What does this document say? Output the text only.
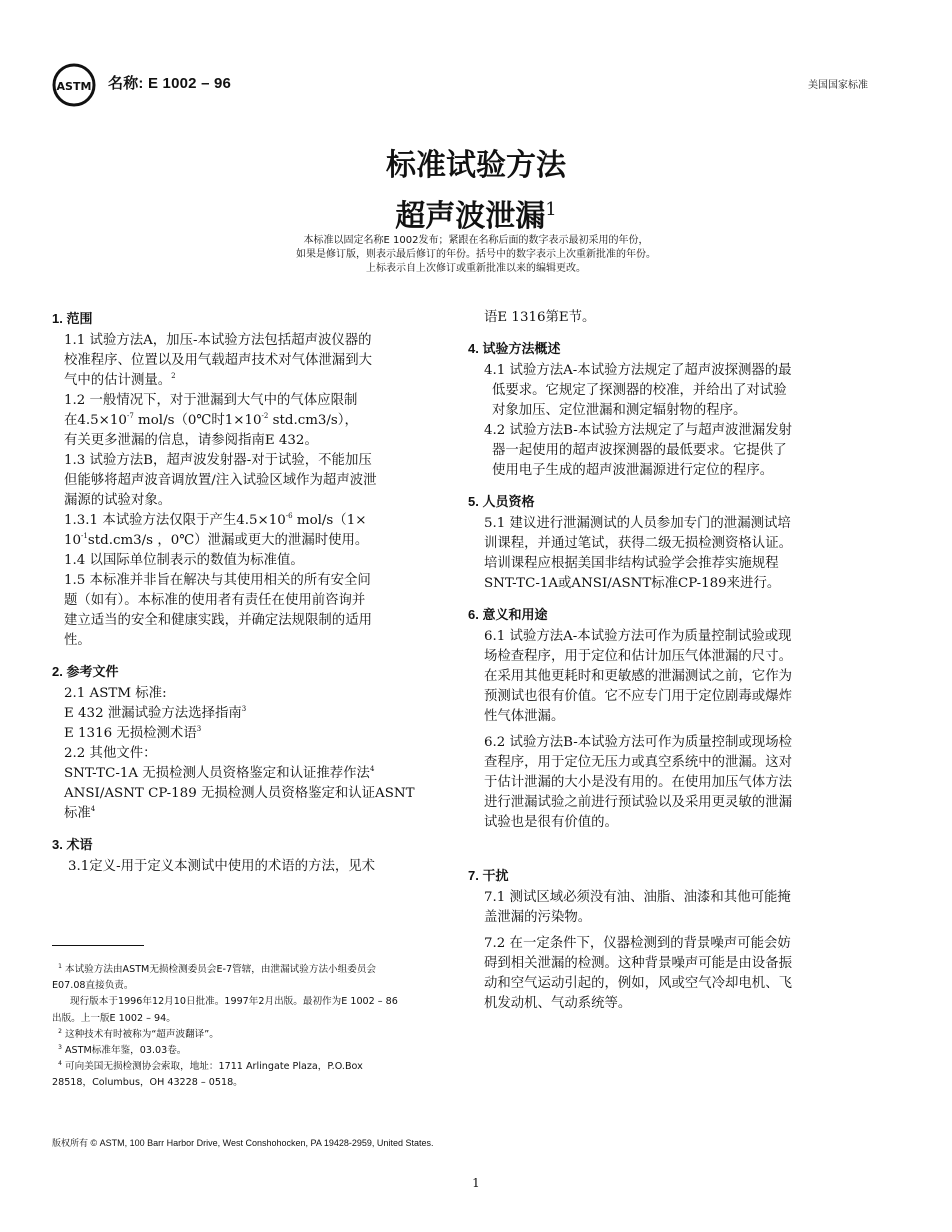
ASTM 名称: E 1002 – 96	美国国家标准
标准试验方法
超声波泄漏$^1$
本标准以固定名称E 1002发布；紧跟在名称后面的数字表示最初采用的年份，
如果是修订版，则表示最后修订的年份。括号中的数字表示上次重新批准的年份。
上标表示自上次修订或重新批准以来的编辑更改。
1. 范围
1.1 试验方法A，加压-本试验方法包括超声波仪器的
校准程序、位置以及用气载超声技术对气体泄漏到大
气中的估计测量。$^2$
1.2 一般情况下，对于泄漏到大气中的气体应限制
在4.5×10$^{-7}$ mol/s（0℃时1×10$^{-2}$ std.cm3/s），
有关更多泄漏的信息，请参阅指南E 432。
1.3 试验方法B，超声波发射器-对于试验，不能加压
但能够将超声波音调放置/注入试验区域作为超声波泄
漏源的试验对象。
1.3.1 本试验方法仅限于产生4.5×10$^{-6}$ mol/s（1×
10$^{-1}$std.cm3/s ，0℃）泄漏或更大的泄漏时使用。
1.4 以国际单位制表示的数值为标准值。
1.5 本标准并非旨在解决与其使用相关的所有安全问
题（如有）。本标准的使用者有责任在使用前咨询并
建立适当的安全和健康实践，并确定法规限制的适用
性。
2. 参考文件
2.1 ASTM 标准:
E 432 泄漏试验方法选择指南$^3$
E 1316 无损检测术语$^3$
2.2 其他文件：
SNT-TC-1A 无损检测人员资格鉴定和认证推荐作法$^4$
ANSI/ASNT CP-189 无损检测人员资格鉴定和认证ASNT
标准$^4$
3. 术语
3.1定义-用于定义本测试中使用的术语的方法，见术
$^1$ 本试验方法由ASTM无损检测委员会E-7管辖，由泄漏试验方法小组委员会
E07.08直接负责。
现行版本于1996年12月10日批准。1997年2月出版。最初作为E 1002 – 86
出版。上一版E 1002 – 94。
$^2$ 这种技术有时被称为“超声波翻译”。
$^3$ ASTM标准年鉴，03.03卷。
$^4$ 可向美国无损检测协会索取，地址：1711 Arlingate Plaza，P.O.Box
28518，Columbus，OH 43228 – 0518。
语E 1316第E节。
4. 试验方法概述
4.1 试验方法A-本试验方法规定了超声波探测器的最
低要求。它规定了探测器的校准，并给出了对试验
对象加压、定位泄漏和测定辐射物的程序。
4.2 试验方法B-本试验方法规定了与超声波泄漏发射
器一起使用的超声波探测器的最低要求。它提供了
使用电子生成的超声波泄漏源进行定位的程序。
5. 人员资格
5.1 建议进行泄漏测试的人员参加专门的泄漏测试培
训课程，并通过笔试，获得二级无损检测资格认证。
培训课程应根据美国非结构试验学会推荐实施规程
SNT-TC-1A或ANSI/ASNT标准CP-189来进行。
6. 意义和用途
6.1 试验方法A-本试验方法可作为质量控制试验或现
场检查程序，用于定位和估计加压气体泄漏的尺寸。
在采用其他更耗时和更敏感的泄漏测试之前，它作为
预测试也很有价值。它不应专门用于定位剧毒或爆炸
性气体泄漏。
6.2 试验方法B-本试验方法可作为质量控制或现场检
查程序，用于定位无压力或真空系统中的泄漏。这对
于估计泄漏的大小是没有用的。在使用加压气体方法
进行泄漏试验之前进行预试验以及采用更灵敏的泄漏
试验也是很有价值的。
7. 干扰
7.1 测试区域必须没有油、油脂、油漆和其他可能掩
盖泄漏的污染物。
7.2 在一定条件下，仪器检测到的背景噪声可能会妨
碍到相关泄漏的检测。这种背景噪声可能是由设备振
动和空气运动引起的，例如，风或空气冷却电机、飞
机发动机、气动系统等。
版权所有 © ASTM, 100 Barr Harbor Drive, West Conshohocken, PA 19428-2959, United States.
1
